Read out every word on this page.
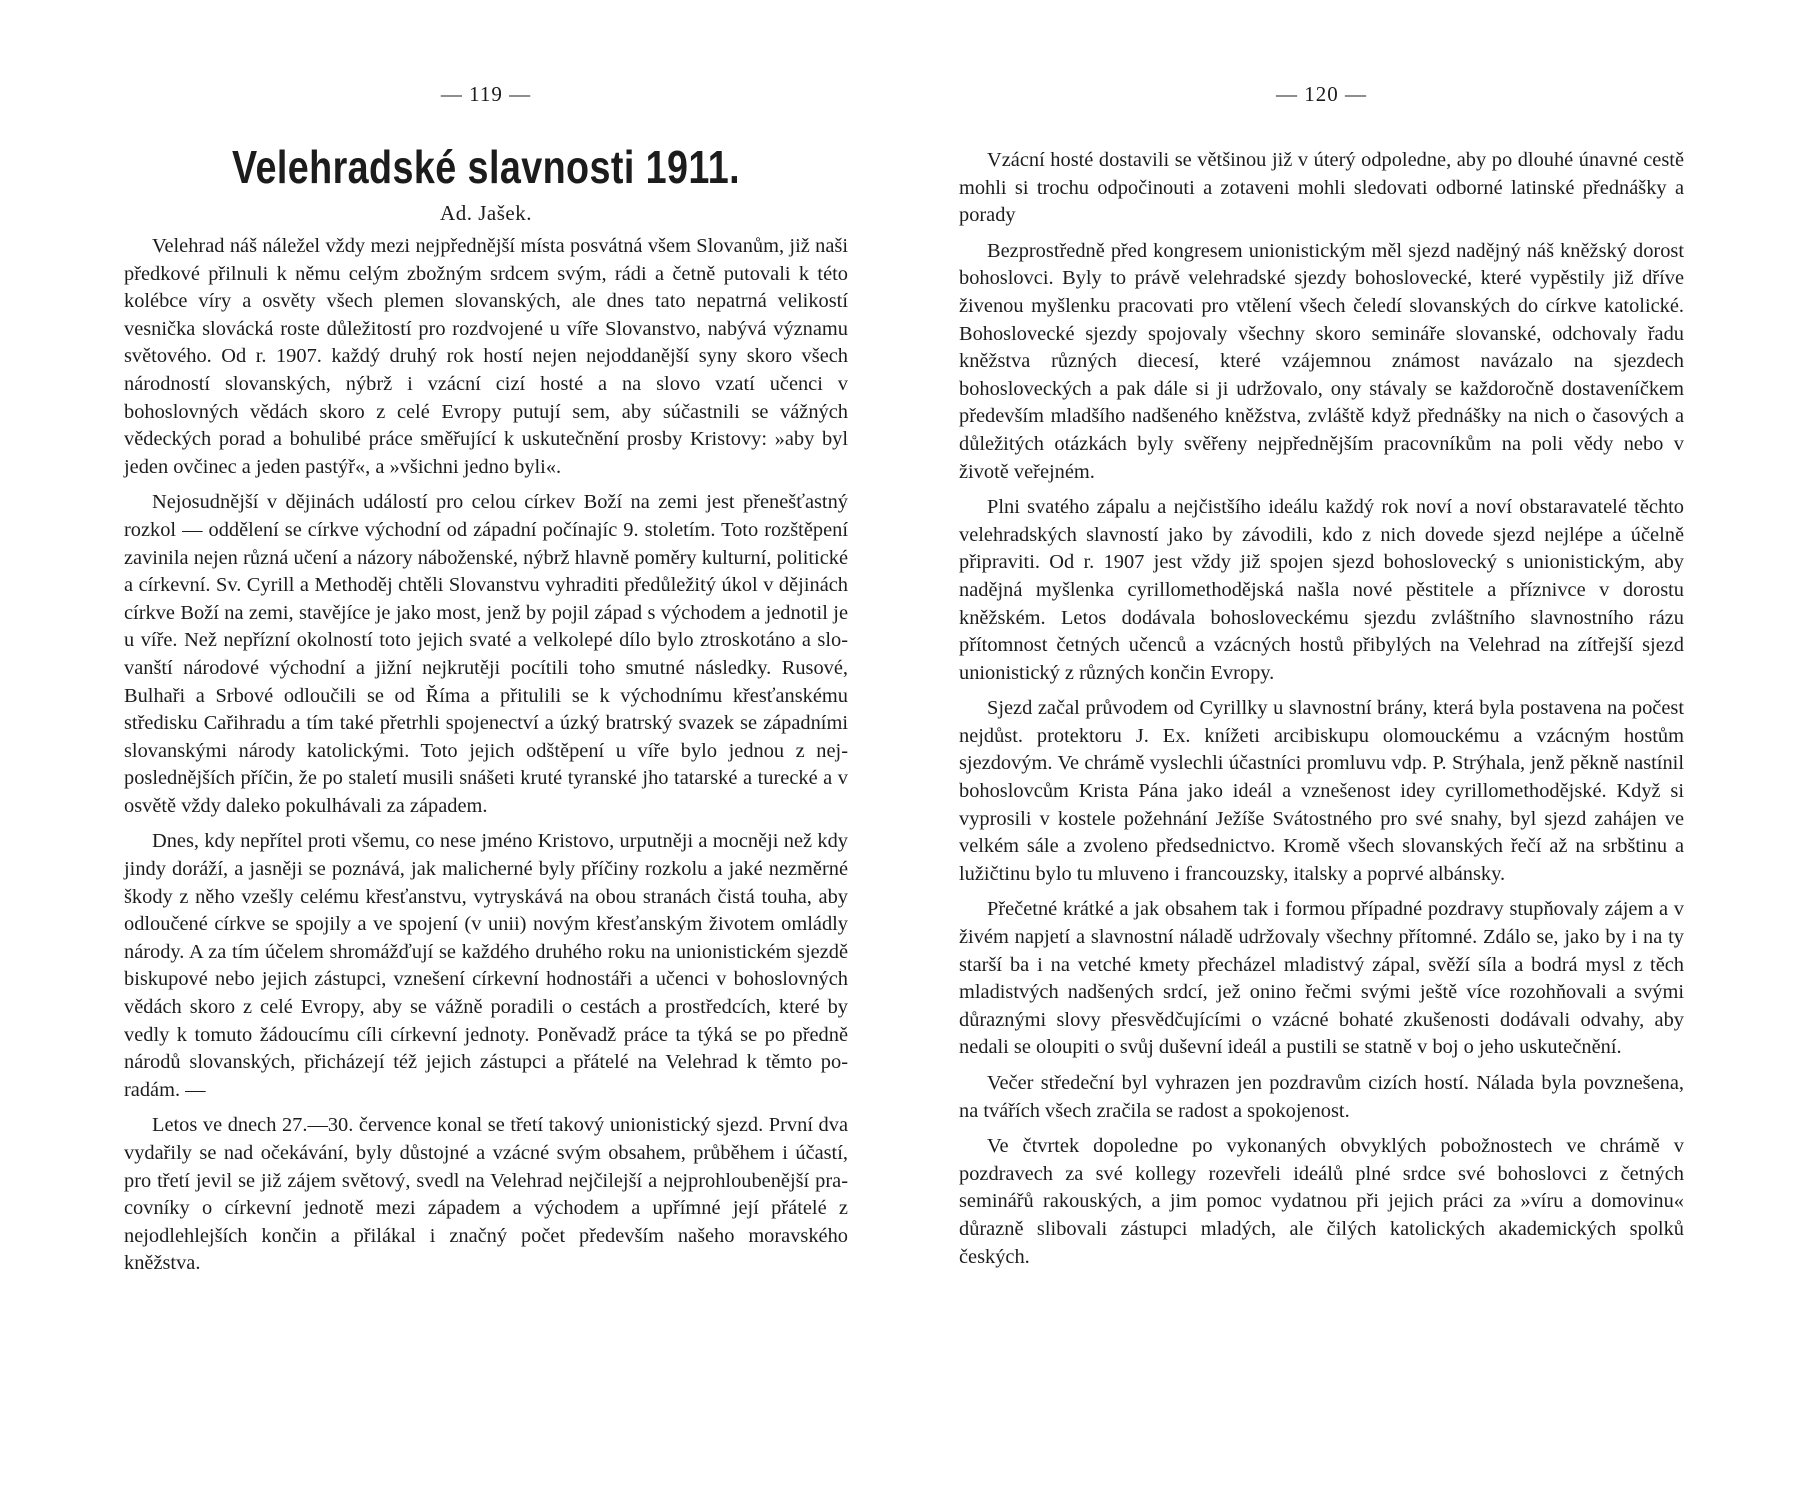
— 119 —
Velehradské slavnosti 1911.
Ad. Jašek.

Velehrad náš náležel vždy mezi nejpřednější místa posvátná všem Slovanům, již naši předkové přilnuli k němu celým zbožným srdcem svým, rádi a četně putovali k této kolébce víry a osvěty všech plemen slovanských, ale dnes tato nepatrná velikostí vesnička slovácká roste důležitostí pro rozdvojené u víře Slovanstvo, nabývá významu světového. Od r. 1907. každý druhý rok hostí nejen nejoddanější syny skoro všech národností slovanských, nýbrž i vzácní cizí hosté a na slovo vzatí učenci v bohoslovných vědách skoro z celé Evropy putují sem, aby súčastnili se vážných vědeckých porad a bohulibé práce směřující k uskutečnění prosby Kristovy: »aby byl jeden ovčinec a jeden pastýř«, a »všichni jedno byli«.

Nejosudnější v dějinách událostí pro celou církev Boží na zemi jest přenešťastný rozkol — oddělení se církve východní od západní počínajíc 9. stoletím. Toto rozštěpení zavinila nejen různá učení a názory náboženské, nýbrž hlavně poměry kulturní, politické a církevní. Sv. Cyrill a Methoděj chtěli Slovanstvu vyhraditi předůležitý úkol v dějinách církve Boží na zemi, stavějíce je jako most, jenž by pojil západ s východem a jednotil je u víře. Než nepřízní okolností toto jejich svaté a velkolepé dílo bylo ztroskotáno a slovanští národové východní a jižní nejkrutěji pocítili toho smutné následky. Rusové, Bulhaři a Srbové odloučili se od Říma a přitulili se k východnímu křesťanskému středisku Cařihradu a tím také přetrhli spojenectví a úzký bratrský svazek se západními slovanskými národy katolickými. Toto jejich odštěpení u víře bylo jednou z nejposlednějších příčin, že po staletí musili snášeti kruté tyranské jho tatarské a turecké a v osvětě vždy daleko pokulhávali za západem.

Dnes, kdy nepřítel proti všemu, co nese jméno Kristovo, urputněji a mocněji než kdy jindy doráží, a jasněji se poznává, jak malicherné byly příčiny rozkolu a jaké nezměrné škody z něho vzešly celému křesťanstvu, vytryskává na obou stranách čistá touha, aby odloučené církve se spojily a ve spojení (v unii) novým křesťanským životem omládly národy. A za tím účelem shromážďují se každého druhého roku na unionistickém sjezdě biskupové nebo jejich zástupci, vznešení církevní hodnostáři a učenci v bohoslovných vědách skoro z celé Evropy, aby se vážně poradili o cestách a prostředcích, které by vedly k tomuto žádoucímu cíli církevní jednoty. Poněvadž práce ta týká se po předně národů slovanských, přicházejí též jejich zástupci a přátelé na Velehrad k těmto poradám. —

Letos ve dnech 27.—30. července konal se třetí takový unionistický sjezd. První dva vydařily se nad očekávání, byly důstojné a vzácné svým obsahem, průběhem i účastí, pro třetí jevil se již zájem světový, svedl na Velehrad nejčilejší a nejprohloubenější pracovníky o církevní jednotě mezi západem a východem a upřímné její přátelé z nejodlehlejších končin a přilákal i značný počet především našeho moravského kněžstva.

— 120 —

Vzácní hosté dostavili se většinou již v úterý odpoledne, aby po dlouhé únavné cestě mohli si trochu odpočinouti a zotaveni mohli sledovati odborné latinské přednášky a porady

Bezprostředně před kongresem unionistickým měl sjezd nadějný náš kněžský dorost bohoslovci. Byly to právě velehradské sjezdy bohoslovecké, které vypěstily již dříve živenou myšlenku pracovati pro vtělení všech čeledí slovanských do církve katolické. Bohoslovecké sjezdy spojovaly všechny skoro semináře slovanské, odchovaly řadu kněžstva různých diecesí, které vzájemnou známost navázalo na sjezdech bohosloveckých a pak dále si ji udržovalo, ony stávaly se každoročně dostaveníčkem především mladšího nadšeného kněžstva, zvláště když přednášky na nich o časových a důležitých otázkách byly svěřeny nejpřednějším pracovníkům na poli vědy nebo v životě veřejném.

Plni svatého zápalu a nejčistšího ideálu každý rok noví a noví obstaravatelé těchto velehradských slavností jako by závodili, kdo z nich dovede sjezd nejlépe a účelně připraviti. Od r. 1907 jest vždy již spojen sjezd bohoslovecký s unionistickým, aby nadějná myšlenka cyrillomethodějská našla nové pěstitele a příznivce v dorostu kněžském. Letos dodávala bohosloveckému sjezdu zvláštního slavnostního rázu přítomnost četných učenců a vzácných hostů přibylých na Velehrad na zítřejší sjezd unionistický z různých končin Evropy.

Sjezd začal průvodem od Cyrillky u slavnostní brány, která byla postavena na počest nejdůst. protektoru J. Ex. knížeti arcibiskupu olomouckému a vzácným hostům sjezdovým. Ve chrámě vyslechli účastníci promluvu vdp. P. Strýhala, jenž pěkně nastínil bohoslovcům Krista Pána jako ideál a vznešenost idey cyrillomethodějské. Když si vyprosili v kostele požehnání Ježíše Svátostného pro své snahy, byl sjezd zahájen ve velkém sále a zvoleno předsednictvo. Kromě všech slovanských řečí až na srbštinu a lužičtinu bylo tu mluveno i francouzsky, italsky a poprvé albánsky.

Přečetné krátké a jak obsahem tak i formou případné pozdravy stupňovaly zájem a v živém napjetí a slavnostní náladě udržovaly všechny přítomné. Zdálo se, jako by i na ty starší ba i na vetché kmety přecházel mladistvý zápal, svěží síla a bodrá mysl z těch mladistvých nadšených srdcí, jež onino řečmi svými ještě více rozohňovali a svými důraznými slovy přesvědčujícími o vzácné bohaté zkušenosti dodávali odvahy, aby nedali se oloupiti o svůj duševní ideál a pustili se statně v boj o jeho uskutečnění.

Večer středeční byl vyhrazen jen pozdravům cizích hostí. Nálada byla povznešena, na tvářích všech zračila se radost a spokojenost.

Ve čtvrtek dopoledne po vykonaných obvyklých pobožnostech ve chrámě v pozdravech za své kollegy rozevřeli ideálů plné srdce své bohoslovci z četných seminářů rakouských, a jim pomoc vydatnou při jejich práci za »víru a domovinu« důrazně slibovali zástupci mladých, ale čilých katolických akademických spolků českých.
